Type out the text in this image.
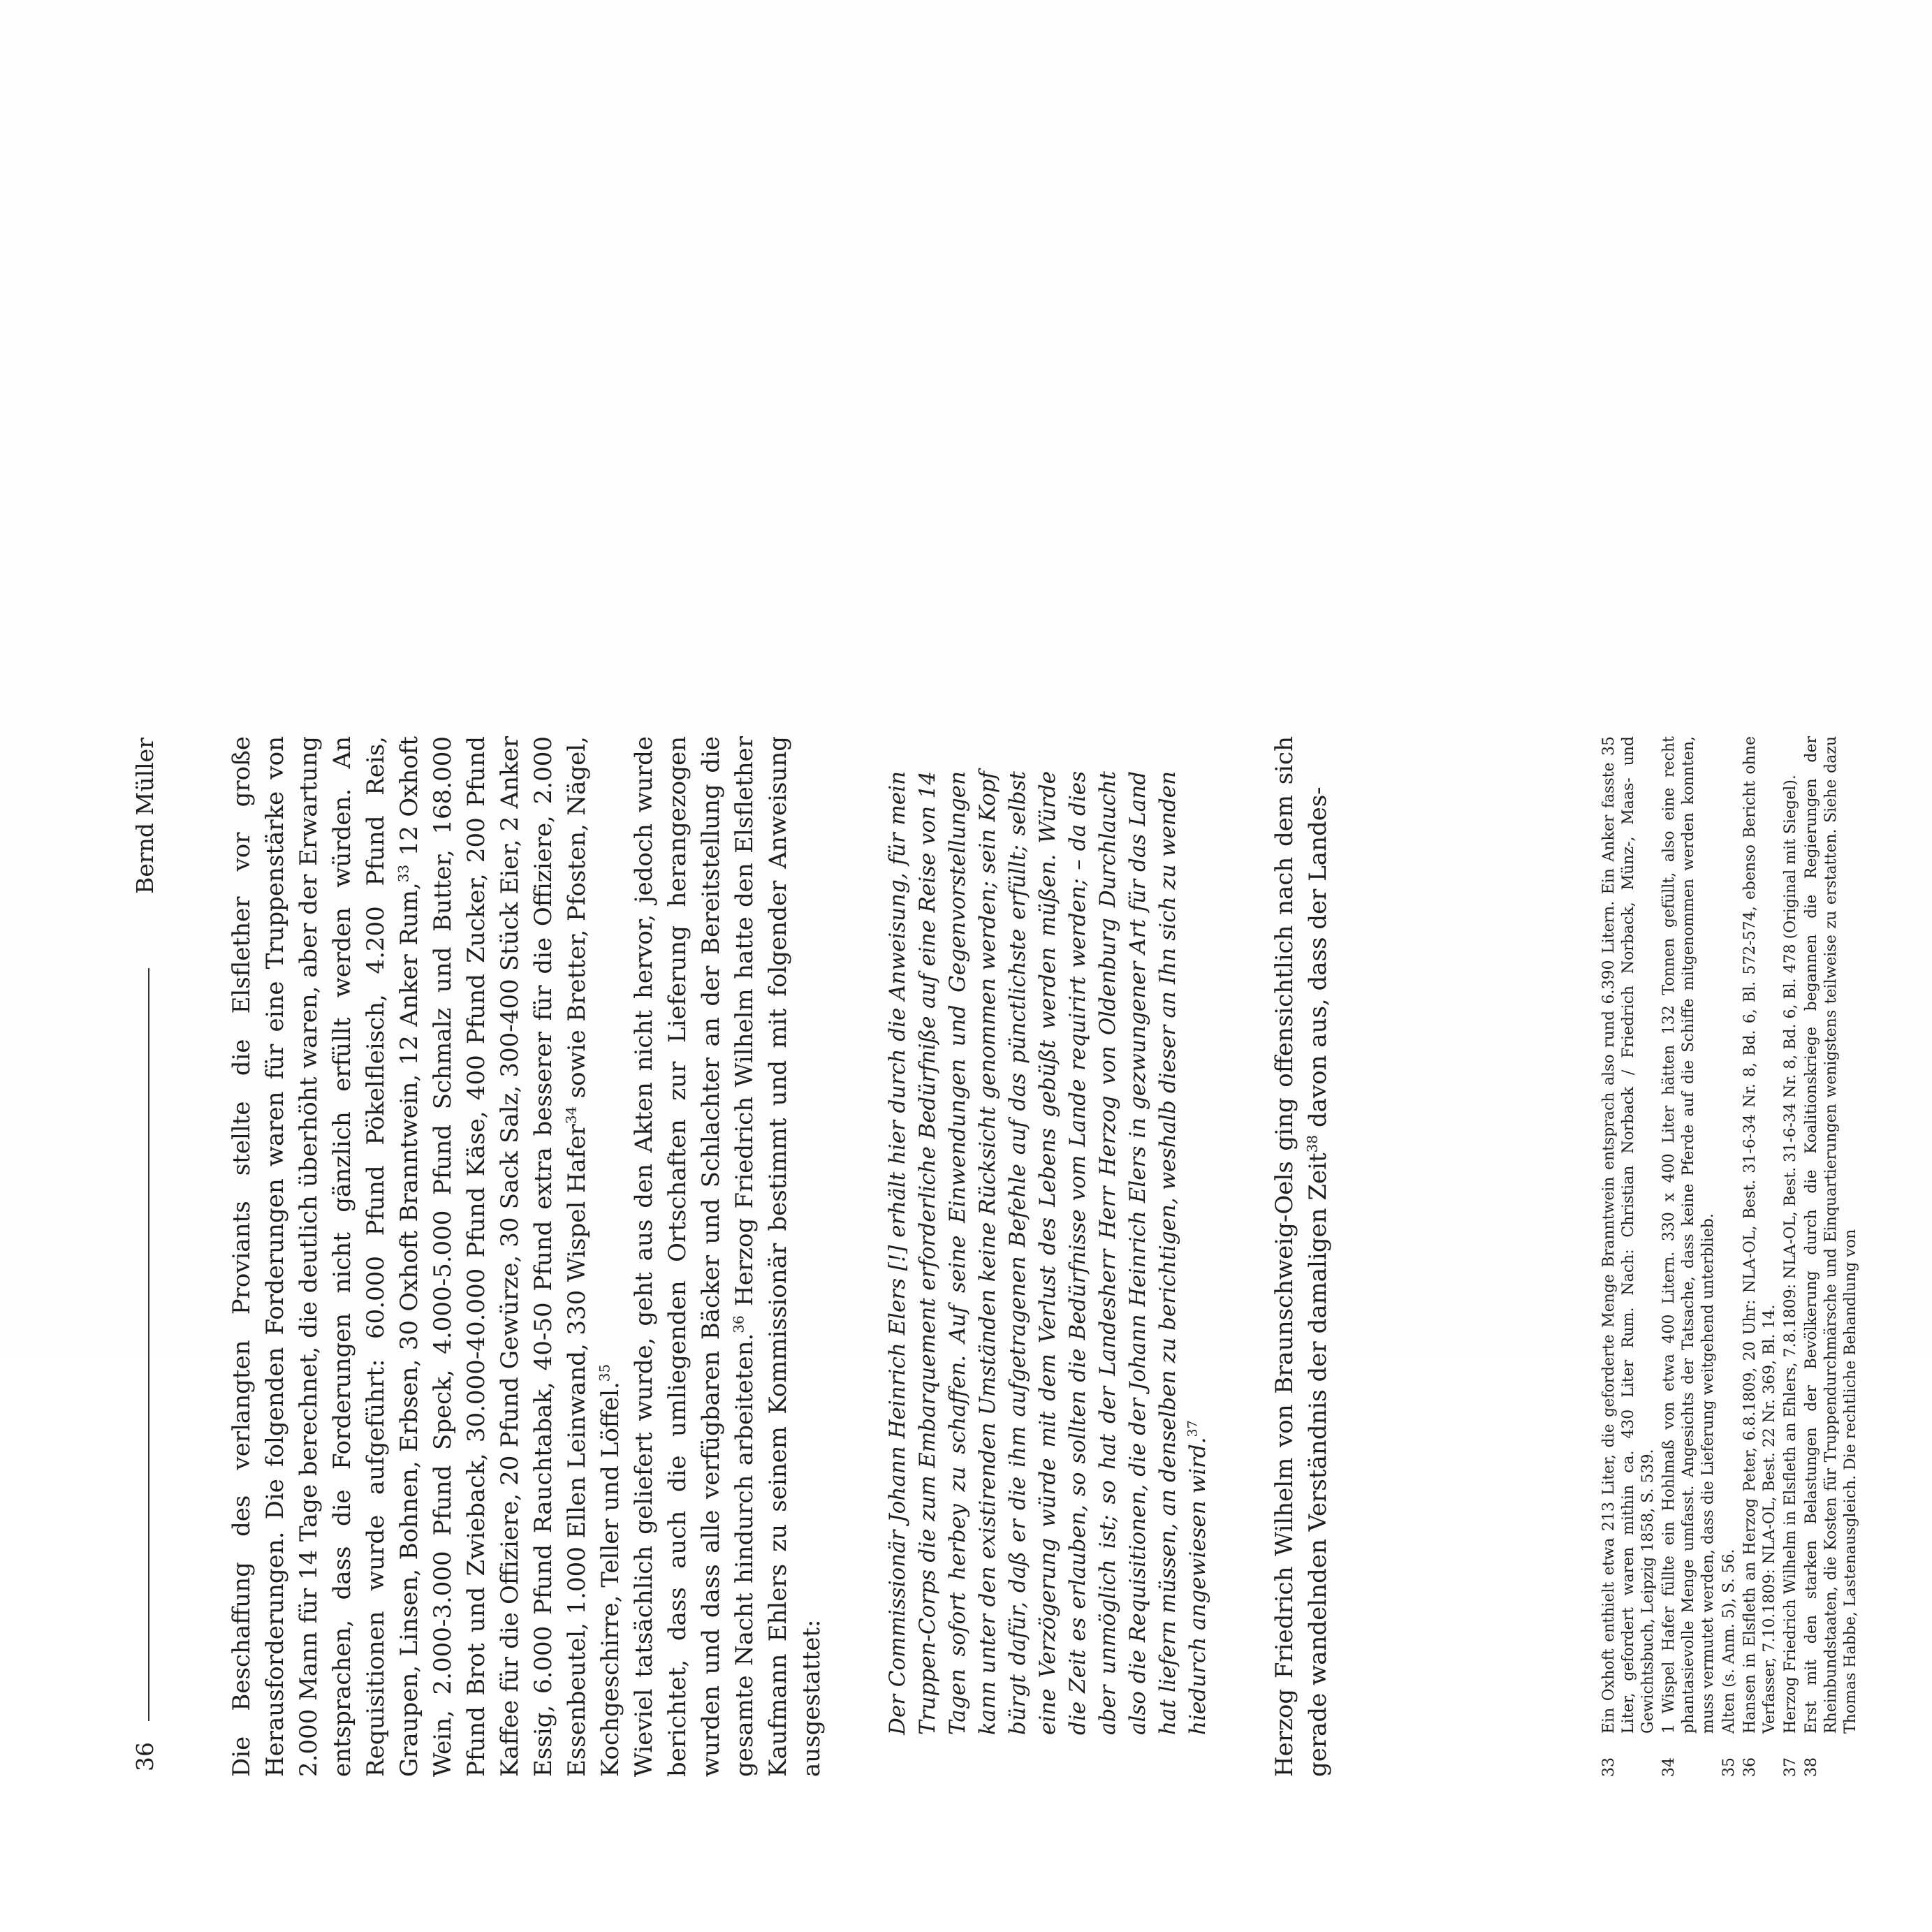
36
Bernd Müller	Die Beschaffung des verlangten Proviants stellte die Elsflether vor große Herausforderungen. Die folgenden Forderungen waren für eine Truppenstärke von 2.000 Mann für 14 Tage berechnet, die deutlich überhöht waren, aber der Erwartung entsprachen, dass die Forderungen nicht gänzlich erfüllt werden würden. An Requisitionen wurde aufgeführt: 60.000 Pfund Pökelfleisch, 4.200 Pfund Reis, Graupen, Linsen, Bohnen, Erbsen, 30 Oxhoft Branntwein, 12 Anker Rum,$^{33}$ 12 Oxhoft Wein, 2.000-3.000 Pfund Speck, 4.000-5.000 Pfund Schmalz und Butter, 168.000 Pfund Brot und Zwieback, 30.000-40.000 Pfund Käse, 400 Pfund Zucker, 200 Pfund Kaffee für die Offiziere, 20 Pfund Gewürze, 30 Sack Salz, 300-400 Stück Eier, 2 Anker Essig, 6.000 Pfund Rauchtabak, 40-50 Pfund extra besserer für die Offiziere, 2.000 Essenbeutel, 1.000 Ellen Leinwand, 330 Wispel Hafer$^{34}$ sowie Bretter, Pfosten, Nägel, Kochgeschirre, Teller und Löffel.$^{35}$ Wieviel tatsächlich geliefert wurde, geht aus den Akten nicht hervor, jedoch wurde berichtet, dass auch die umliegenden Ortschaften zur Lieferung herangezogen wurden und dass alle verfügbaren Bäcker und Schlachter an der Bereitstellung die gesamte Nacht hindurch arbeiteten.$^{36}$ Herzog Friedrich Wilhelm hatte den Elsflether Kaufmann Ehlers zu seinem Kommissionär bestimmt und mit folgender Anweisung ausgestattet:	Der Commissionär Johann Heinrich Elers [!] erhält hier durch die Anweisung, für mein Truppen-Corps die zum Embarquement erforderliche Bedürfniße auf eine Reise von 14 Tagen sofort herbey zu schaffen. Auf seine Einwendungen und Gegenvorstellungen kann unter den existirenden Umständen keine Rücksicht genommen werden; sein Kopf bürgt dafür, daß er die ihm aufgetragenen Befehle auf das pünctlichste erfüllt; selbst eine Verzögerung würde mit dem Verlust des Lebens gebüßt werden müßen. Würde die Zeit es erlauben, so sollten die Bedürfnisse vom Lande requirirt werden; – da dies aber unmöglich ist; so hat der Landesherr Herr Herzog von Oldenburg Durchlaucht also die Requisitionen, die der Johann Heinrich Elers in gezwungener Art für das Land hat liefern müssen, an denselben zu berichtigen, weshalb dieser an Ihn sich zu wenden hiedurch angewiesen wird.$^{37}$	Herzog Friedrich Wilhelm von Braunschweig-Oels ging offensichtlich nach dem sich gerade wandelnden Verständnis der damaligen Zeit$^{38}$ davon aus, dass der Landes-

33
Ein Oxhoft enthielt etwa 213 Liter, die geforderte Menge Branntwein entsprach also rund 6.390 Litern. Ein Anker fasste 35 Liter, gefordert waren mithin ca. 430 Liter Rum. Nach: Christian Norback / Friedrich Norback, Münz-, Maas- und Gewichtsbuch, Leipzig 1858, S. 539.
34
1 Wispel Hafer füllte ein Hohlmaß von etwa 400 Litern. 330 x 400 Liter hätten 132 Tonnen gefüllt, also eine recht phantasievolle Menge umfasst. Angesichts der Tatsache, dass keine Pferde auf die Schiffe mitgenommen werden konnten, muss vermutet werden, dass die Lieferung weitgehend unterblieb.
35
Alten (s. Anm. 5), S. 56.
36
Hansen in Elsfleth an Herzog Peter, 6.8.1809, 20 Uhr: NLA-OL, Best. 31-6-34 Nr. 8, Bd. 6, Bl. 572-574, ebenso Bericht ohne Verfasser, 7.10.1809: NLA-OL, Best. 22 Nr. 369, Bl. 14.
37
Herzog Friedrich Wilhelm in Elsfleth an Ehlers, 7.8.1809: NLA-OL, Best. 31-6-34 Nr. 8, Bd. 6, Bl. 478 (Original mit Siegel).
38
Erst mit den starken Belastungen der Bevölkerung durch die Koalitionskriege begannen die Regierungen der Rheinbundstaaten, die Kosten für Truppendurchmärsche und Einquartierungen wenigstens teilweise zu erstatten. Siehe dazu Thomas Habbe, Lastenausgleich. Die rechtliche Behandlung von
